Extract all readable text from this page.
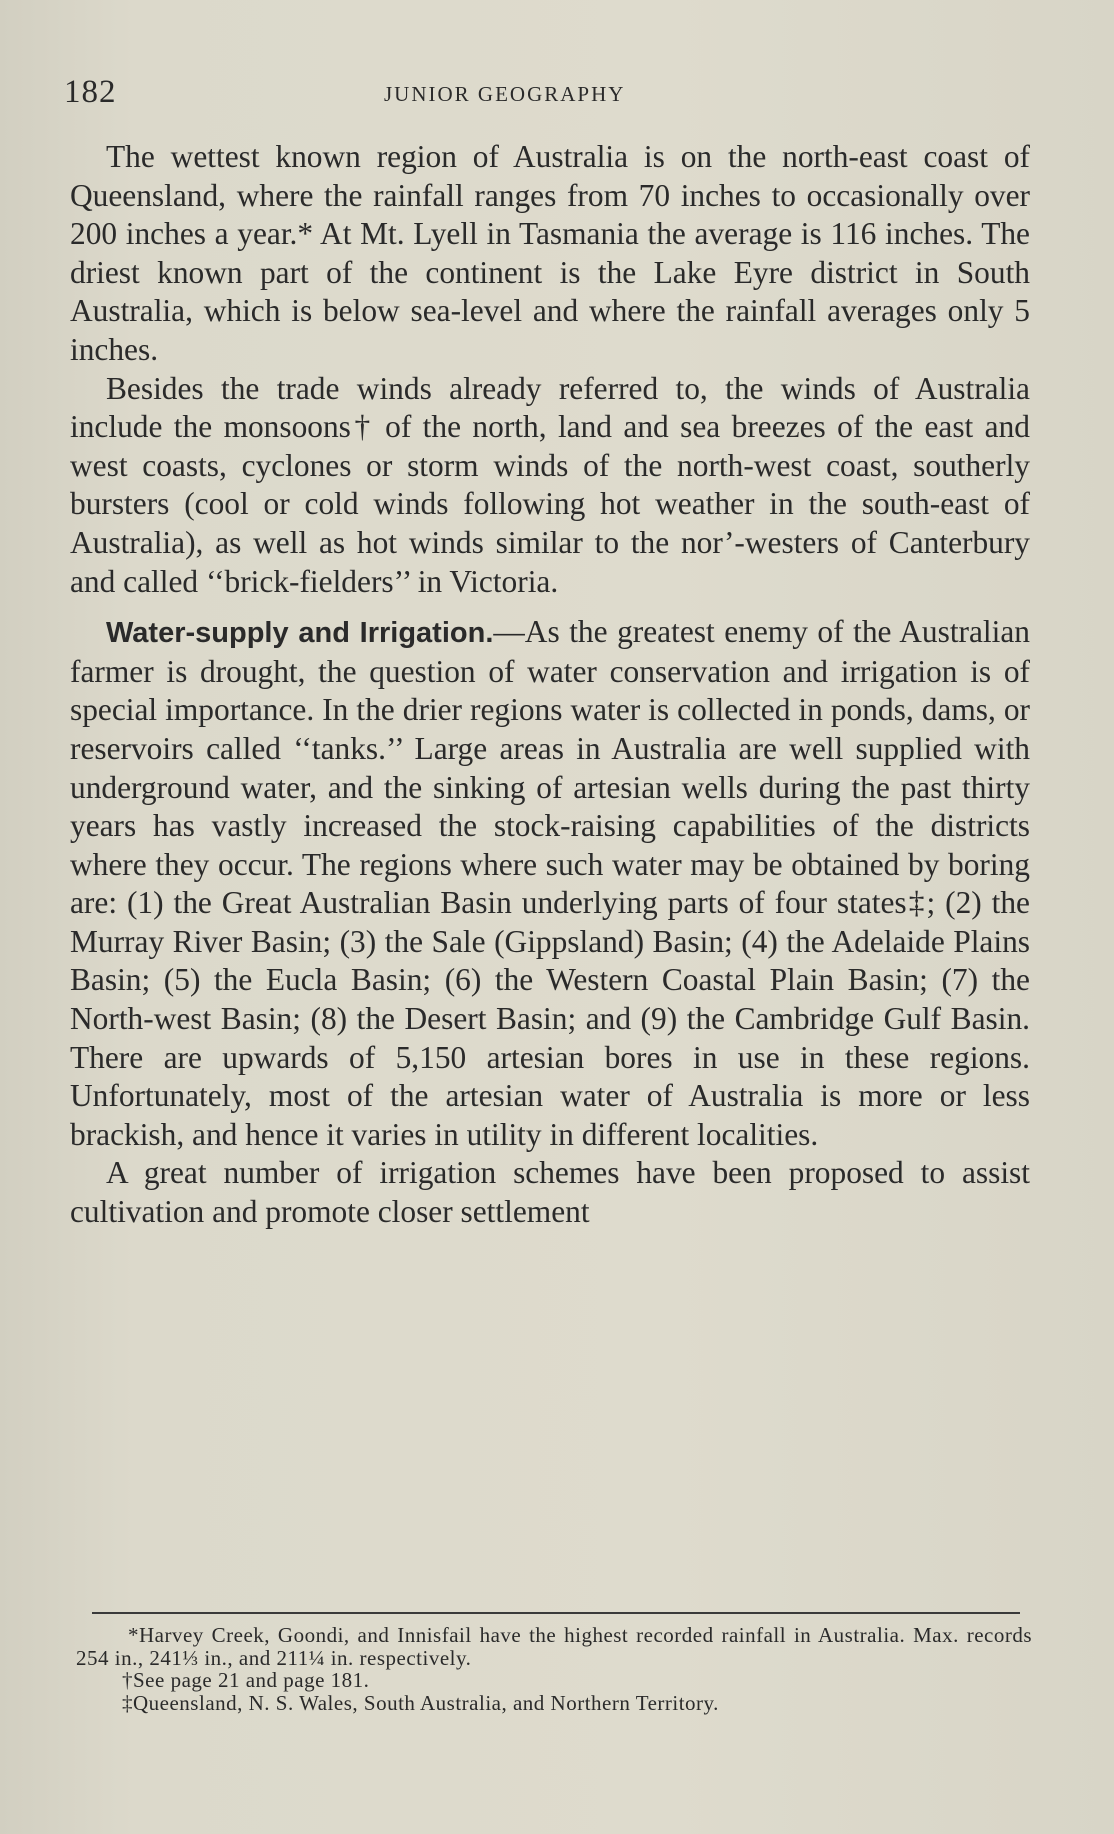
182	JUNIOR GEOGRAPHY

The wettest known region of Australia is on the north-east coast of Queensland, where the rainfall ranges from 70 inches to occasionally over 200 inches a year.* At Mt. Lyell in Tasmania the average is 116 inches. The driest known part of the continent is the Lake Eyre district in South Australia, which is below sea-level and where the rainfall averages only 5 inches.

Besides the trade winds already referred to, the winds of Australia include the monsoons† of the north, land and sea breezes of the east and west coasts, cyclones or storm winds of the north-west coast, southerly bursters (cool or cold winds following hot weather in the south-east of Australia), as well as hot winds similar to the nor’-westers of Canterbury and called ‘‘brick-fielders’’ in Victoria.

Water-supply and Irrigation.—As the greatest enemy of the Australian farmer is drought, the question of water conservation and irrigation is of special importance. In the drier regions water is collected in ponds, dams, or reservoirs called ‘‘tanks.’’ Large areas in Australia are well supplied with underground water, and the sinking of artesian wells during the past thirty years has vastly increased the stock-raising capabilities of the districts where they occur. The regions where such water may be obtained by boring are: (1) the Great Australian Basin underlying parts of four states‡; (2) the Murray River Basin; (3) the Sale (Gippsland) Basin; (4) the Adelaide Plains Basin; (5) the Eucla Basin; (6) the Western Coastal Plain Basin; (7) the North-west Basin; (8) the Desert Basin; and (9) the Cambridge Gulf Basin. There are upwards of 5,150 artesian bores in use in these regions. Unfortunately, most of the artesian water of Australia is more or less brackish, and hence it varies in utility in different localities.

A great number of irrigation schemes have been proposed to assist cultivation and promote closer settlement

*Harvey Creek, Goondi, and Innisfail have the highest recorded rainfall in Australia. Max. records 254 in., 241⅓ in., and 211¼ in. respectively.

†See page 21 and page 181.

‡Queensland, N. S. Wales, South Australia, and Northern Territory.
